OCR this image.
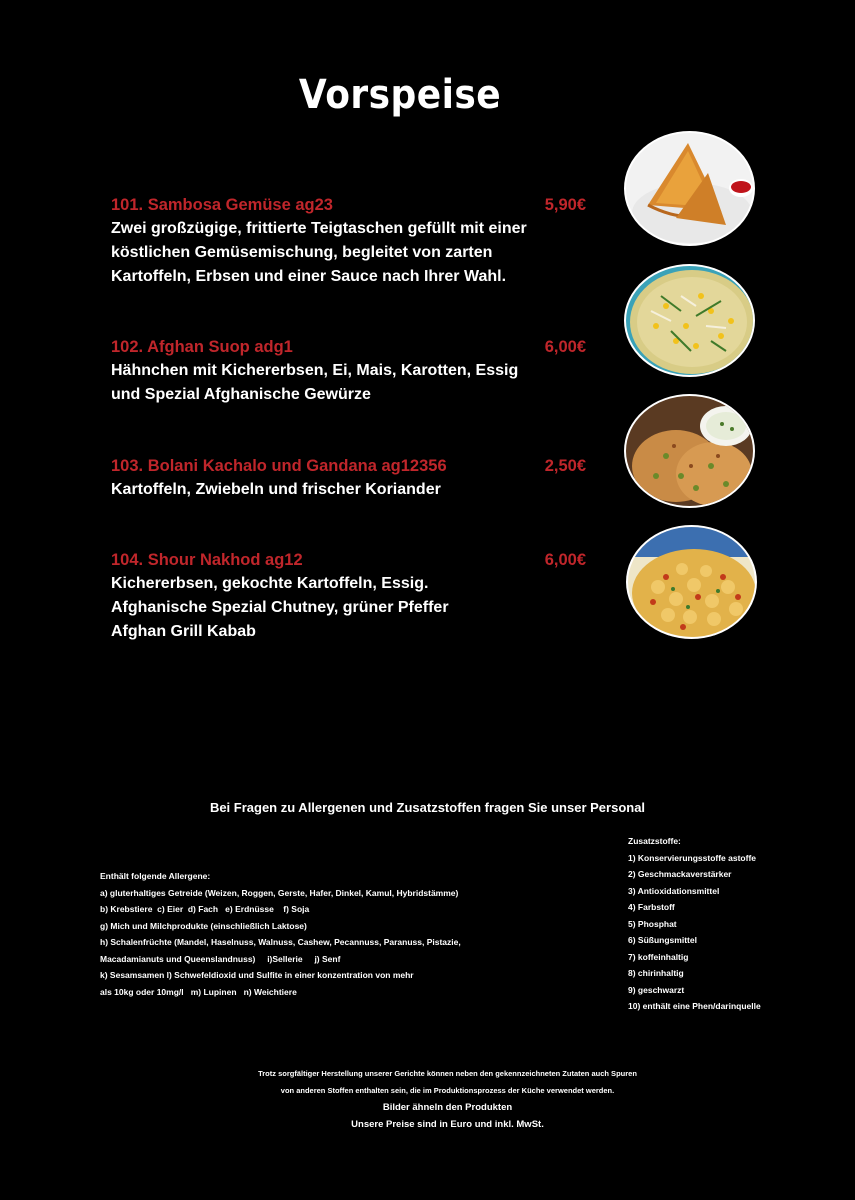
Vorspeise
101. Sambosa Gemüse ag23	5,90€
Zwei großzügige, frittierte Teigtaschen gefüllt mit einer
köstlichen Gemüsemischung, begleitet von zarten
Kartoffeln, Erbsen und einer Sauce nach Ihrer Wahl.
102. Afghan Suop adg1	6,00€
Hähnchen mit Kichererbsen, Ei, Mais, Karotten, Essig
und Spezial Afghanische Gewürze
103. Bolani Kachalo und Gandana ag12356	2,50€
Kartoffeln, Zwiebeln und frischer Koriander
104. Shour Nakhod ag12	6,00€
Kichererbsen, gekochte Kartoffeln, Essig.
Afghanische Spezial Chutney, grüner Pfeffer
Afghan Grill Kabab
Bei Fragen zu Allergenen und Zusatzstoffen fragen Sie unser Personal
Enthält folgende Allergene:
a) gluterhaltiges Getreide (Weizen, Roggen, Gerste, Hafer, Dinkel, Kamul, Hybridstämme)
b) Krebstiere  c) Eier  d) Fach   e) Erdnüsse    f) Soja
g) Mich und Milchprodukte (einschließlich Laktose)
h) Schalenfrüchte (Mandel, Haselnuss, Walnuss, Cashew, Pecannuss, Paranuss, Pistazie,
Macadamianuts und Queenslandnuss)     i)Sellerie     j) Senf
k) Sesamsamen l) Schwefeldioxid und Sulfite in einer konzentration von mehr
als 10kg oder 10mg/l   m) Lupinen   n) Weichtiere
Zusatzstoffe:
1) Konservierungsstoffe astoffe
2) Geschmackaverstärker
3) Antioxidationsmittel
4) Farbstoff
5) Phosphat
6) Süßungsmittel
7) koffeinhaltig
8) chirinhaltig
9) geschwarzt
10) enthält eine Phen/darinquelle
Trotz sorgfältiger Herstellung unserer Gerichte können neben den gekennzeichneten Zutaten auch Spuren
von anderen Stoffen enthalten sein, die im Produktionsprozess der Küche verwendet werden.
Bilder ähneln den Produkten
Unsere Preise sind in Euro und inkl. MwSt.
